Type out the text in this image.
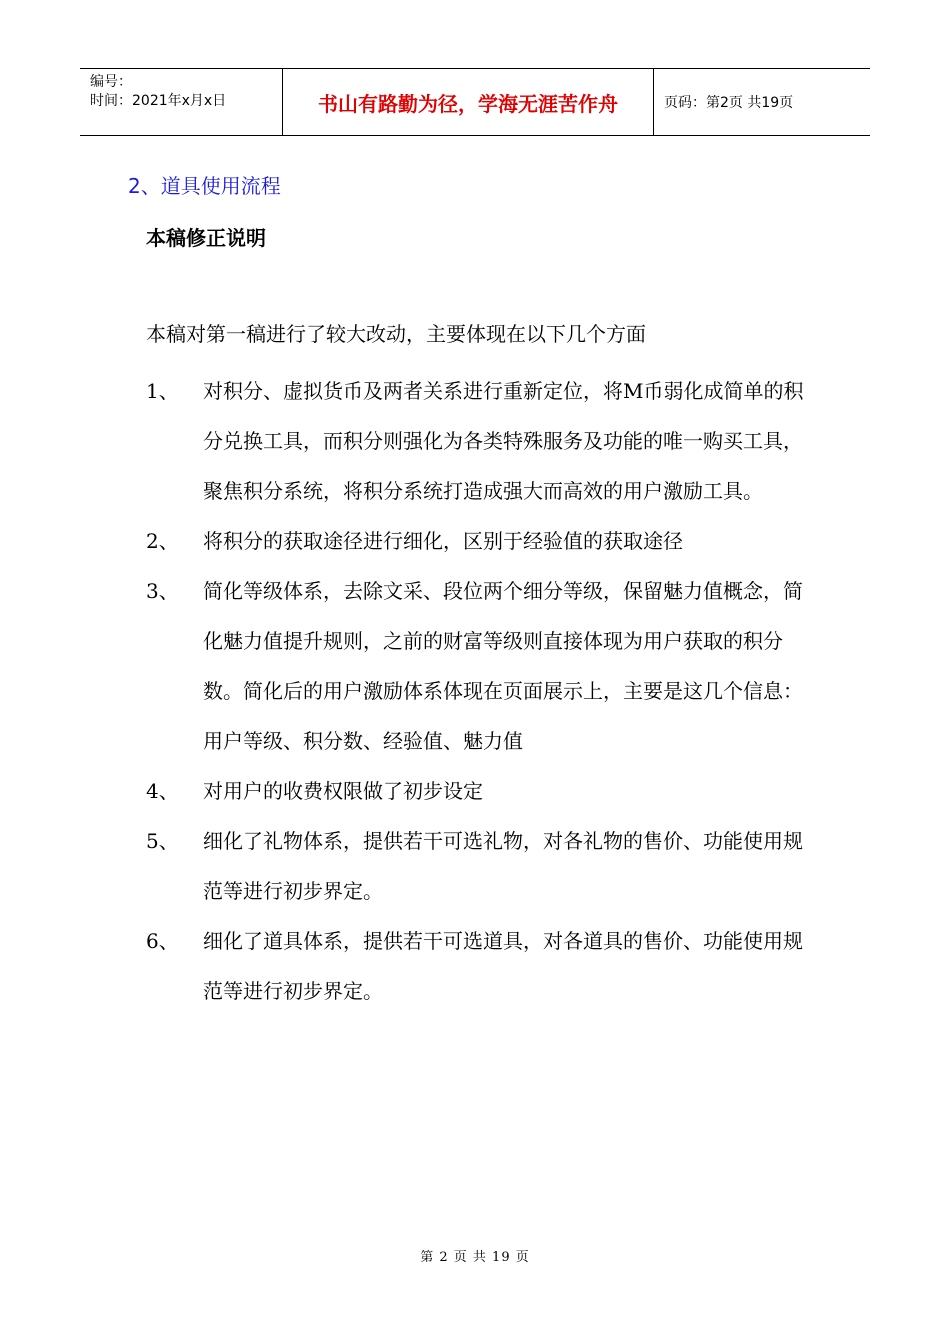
编号：
时间：2021年x月x日	书山有路勤为径，学海无涯苦作舟	页码：第2页 共19页
2、道具使用流程
本稿修正说明
本稿对第一稿进行了较大改动，主要体现在以下几个方面
1、	对积分、虚拟货币及两者关系进行重新定位，将M币弱化成简单的积分兑换工具，而积分则强化为各类特殊服务及功能的唯一购买工具，聚焦积分系统，将积分系统打造成强大而高效的用户激励工具。
2、	将积分的获取途径进行细化，区别于经验值的获取途径
3、	简化等级体系，去除文采、段位两个细分等级，保留魅力值概念，简化魅力值提升规则，之前的财富等级则直接体现为用户获取的积分数。简化后的用户激励体系体现在页面展示上，主要是这几个信息：用户等级、积分数、经验值、魅力值
4、	对用户的收费权限做了初步设定
5、	细化了礼物体系，提供若干可选礼物，对各礼物的售价、功能使用规范等进行初步界定。
6、	细化了道具体系，提供若干可选道具，对各道具的售价、功能使用规范等进行初步界定。
第 2 页 共 19 页
